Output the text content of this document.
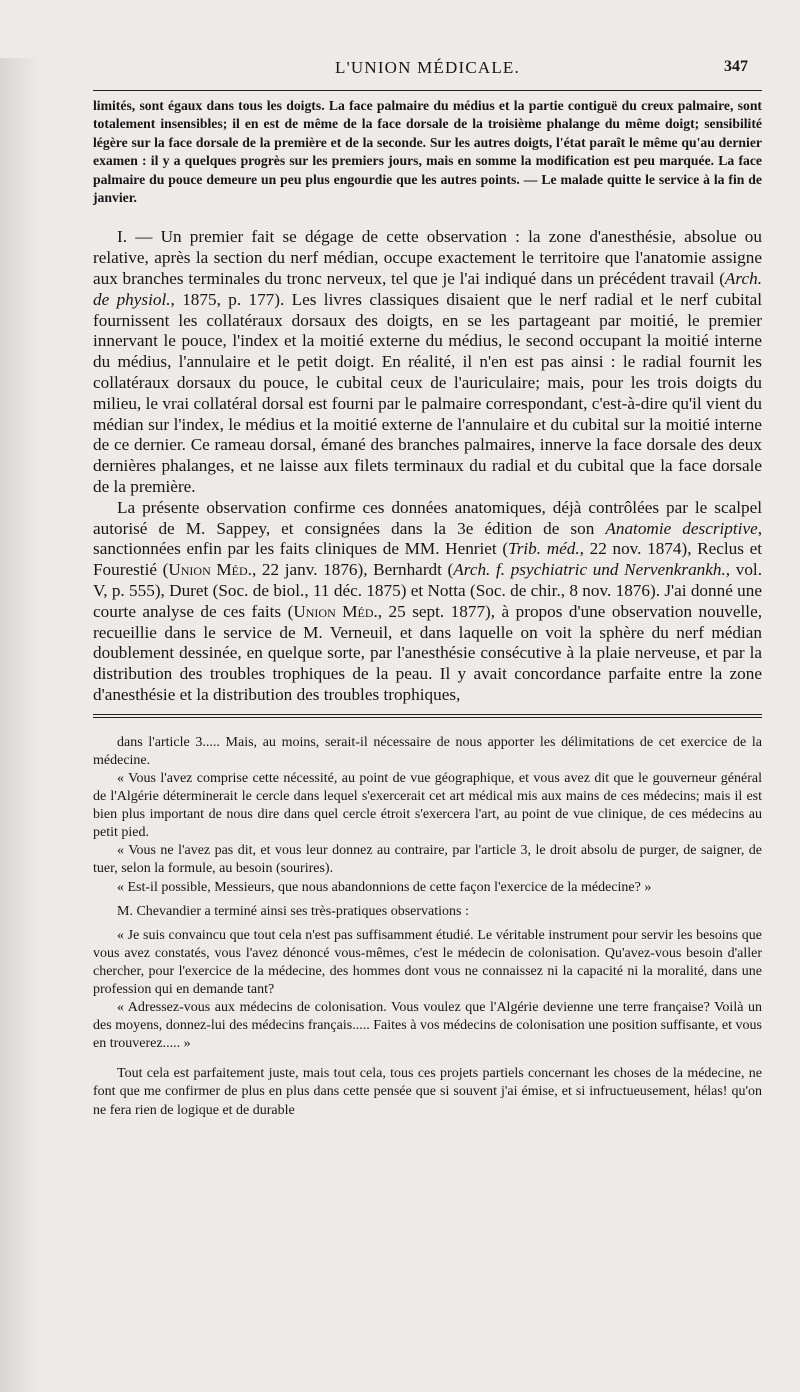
L'UNION MÉDICALE.	347

limités, sont égaux dans tous les doigts. La face palmaire du médius et la partie contiguë du creux palmaire, sont totalement insensibles; il en est de même de la face dorsale de la troisième phalange du même doigt; sensibilité légère sur la face dorsale de la première et de la seconde. Sur les autres doigts, l'état paraît le même qu'au dernier examen : il y a quelques progrès sur les premiers jours, mais en somme la modification est peu marquée. La face palmaire du pouce demeure un peu plus engourdie que les autres points. — Le malade quitte le service à la fin de janvier.

I. — Un premier fait se dégage de cette observation : la zone d'anesthésie, absolue ou relative, après la section du nerf médian, occupe exactement le territoire que l'anatomie assigne aux branches terminales du tronc nerveux, tel que je l'ai indiqué dans un précédent travail (Arch. de physiol., 1875, p. 177). Les livres classiques disaient que le nerf radial et le nerf cubital fournissent les collatéraux dorsaux des doigts, en se les partageant par moitié, le premier innervant le pouce, l'index et la moitié externe du médius, le second occupant la moitié interne du médius, l'annulaire et le petit doigt. En réalité, il n'en est pas ainsi : le radial fournit les collatéraux dorsaux du pouce, le cubital ceux de l'auriculaire; mais, pour les trois doigts du milieu, le vrai collatéral dorsal est fourni par le palmaire correspondant, c'est-à-dire qu'il vient du médian sur l'index, le médius et la moitié externe de l'annulaire et du cubital sur la moitié interne de ce dernier. Ce rameau dorsal, émané des branches palmaires, innerve la face dorsale des deux dernières phalanges, et ne laisse aux filets terminaux du radial et du cubital que la face dorsale de la première.

La présente observation confirme ces données anatomiques, déjà contrôlées par le scalpel autorisé de M. Sappey, et consignées dans la 3e édition de son Anatomie descriptive, sanctionnées enfin par les faits cliniques de MM. Henriet (Trib. méd., 22 nov. 1874), Reclus et Fourestié (Union Méd., 22 janv. 1876), Bernhardt (Arch. f. psychiatric und Nervenkrankh., vol. V, p. 555), Duret (Soc. de biol., 11 déc. 1875) et Notta (Soc. de chir., 8 nov. 1876). J'ai donné une courte analyse de ces faits (Union Méd., 25 sept. 1877), à propos d'une observation nouvelle, recueillie dans le service de M. Verneuil, et dans laquelle on voit la sphère du nerf médian doublement dessinée, en quelque sorte, par l'anesthésie consécutive à la plaie nerveuse, et par la distribution des troubles trophiques de la peau. Il y avait concordance parfaite entre la zone d'anesthésie et la distribution des troubles trophiques,

dans l'article 3..... Mais, au moins, serait-il nécessaire de nous apporter les délimitations de cet exercice de la médecine.

« Vous l'avez comprise cette nécessité, au point de vue géographique, et vous avez dit que le gouverneur général de l'Algérie déterminerait le cercle dans lequel s'exercerait cet art médical mis aux mains de ces médecins; mais il est bien plus important de nous dire dans quel cercle étroit s'exercera l'art, au point de vue clinique, de ces médecins au petit pied.

« Vous ne l'avez pas dit, et vous leur donnez au contraire, par l'article 3, le droit absolu de purger, de saigner, de tuer, selon la formule, au besoin (sourires).

« Est-il possible, Messieurs, que nous abandonnions de cette façon l'exercice de la médecine? »

M. Chevandier a terminé ainsi ses très-pratiques observations :

« Je suis convaincu que tout cela n'est pas suffisamment étudié. Le véritable instrument pour servir les besoins que vous avez constatés, vous l'avez dénoncé vous-mêmes, c'est le médecin de colonisation. Qu'avez-vous besoin d'aller chercher, pour l'exercice de la médecine, des hommes dont vous ne connaissez ni la capacité ni la moralité, dans une profession qui en demande tant?

« Adressez-vous aux médecins de colonisation. Vous voulez que l'Algérie devienne une terre française? Voilà un des moyens, donnez-lui des médecins français..... Faites à vos médecins de colonisation une position suffisante, et vous en trouverez..... »

Tout cela est parfaitement juste, mais tout cela, tous ces projets partiels concernant les choses de la médecine, ne font que me confirmer de plus en plus dans cette pensée que si souvent j'ai émise, et si infructueusement, hélas! qu'on ne fera rien de logique et de durable
